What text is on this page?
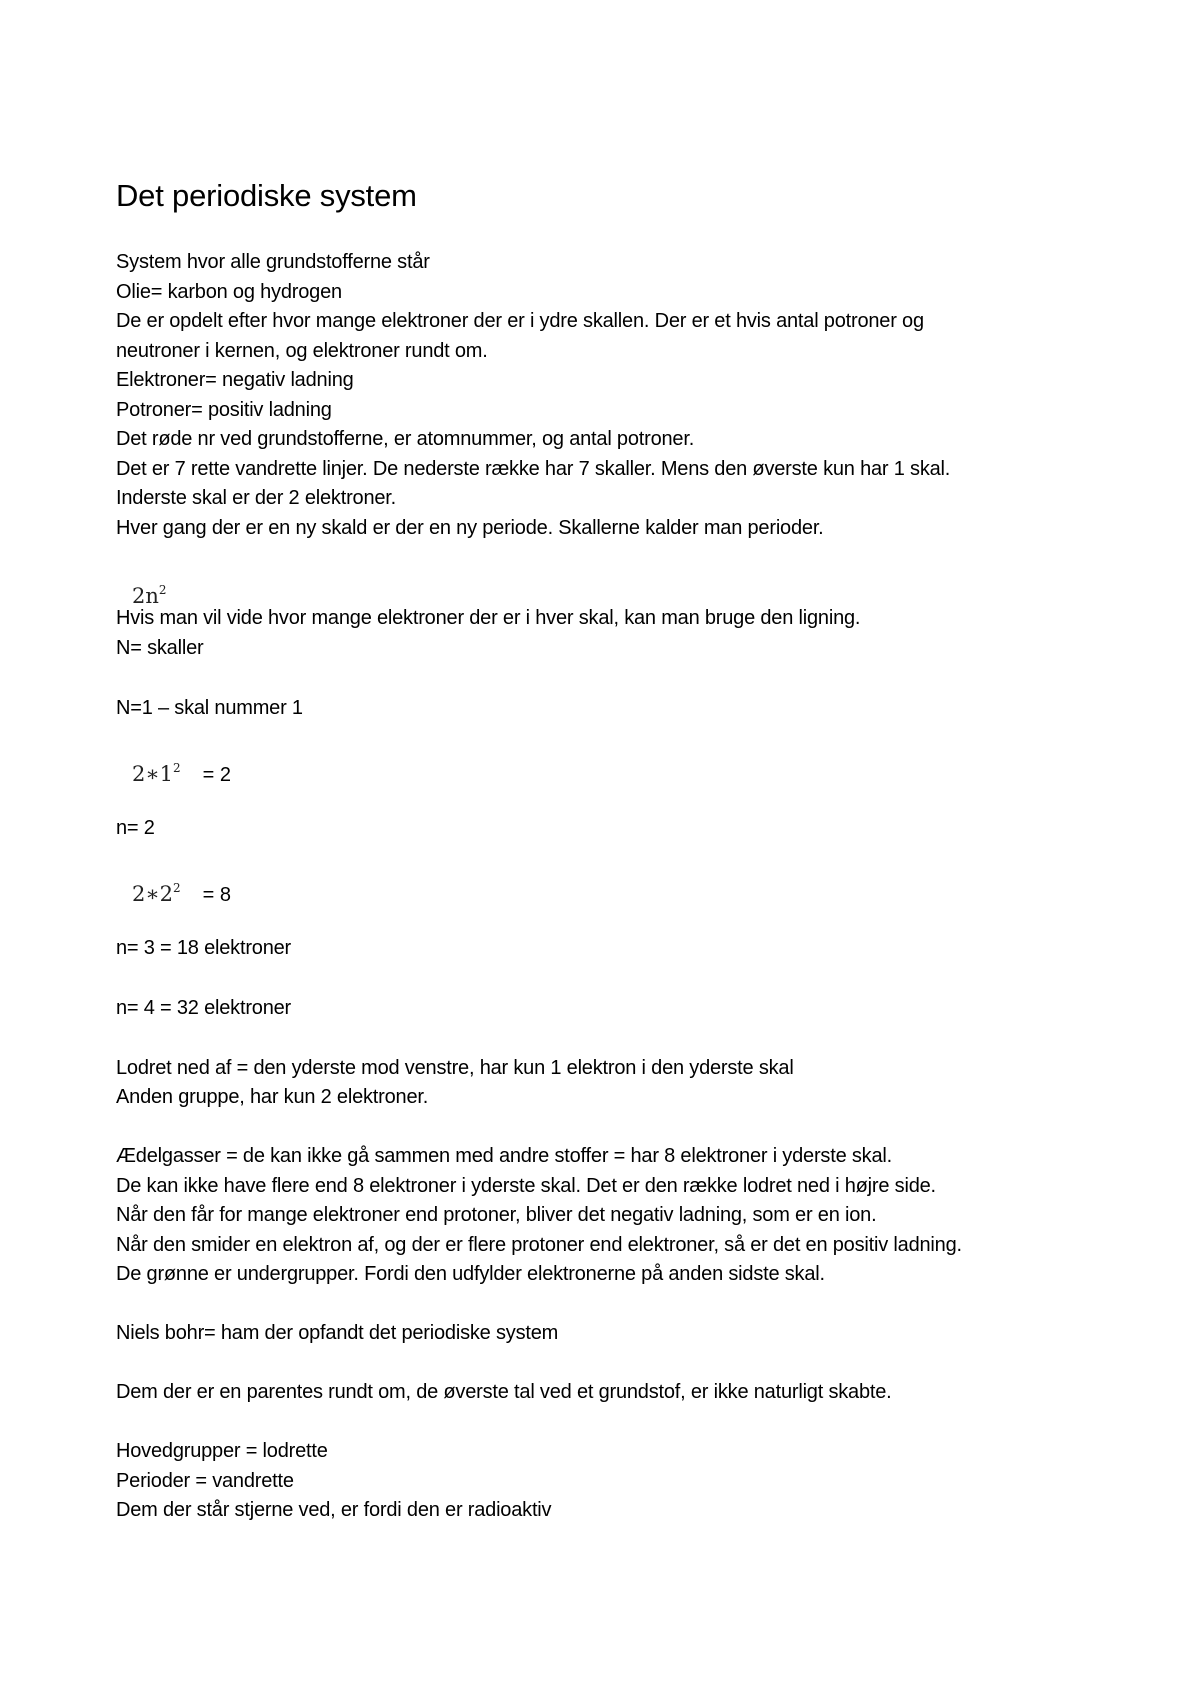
Det periodiske system
System hvor alle grundstofferne står
Olie= karbon og hydrogen
De er opdelt efter hvor mange elektroner der er i ydre skallen. Der er et hvis antal potroner og
neutroner i kernen, og elektroner rundt om.
Elektroner= negativ ladning
Potroner= positiv ladning
Det røde nr ved grundstofferne, er atomnummer, og antal potroner.
Det er 7 rette vandrette linjer. De nederste række har 7 skaller. Mens den øverste kun har 1 skal.
Inderste skal er der 2 elektroner.
Hver gang der er en ny skald er der en ny periode. Skallerne kalder man perioder.
$2n^2$
Hvis man vil vide hvor mange elektroner der er i hver skal, kan man bruge den ligning.
N= skaller
N=1 – skal nummer 1
$2∗1^2 = 2$
n= 2
$2∗2^2 = 8$
n= 3 = 18 elektroner
n= 4 = 32 elektroner
Lodret ned af = den yderste mod venstre, har kun 1 elektron i den yderste skal
Anden gruppe, har kun 2 elektroner.
Ædelgasser = de kan ikke gå sammen med andre stoffer = har 8 elektroner i yderste skal.
De kan ikke have flere end 8 elektroner i yderste skal. Det er den række lodret ned i højre side.
Når den får for mange elektroner end protoner, bliver det negativ ladning, som er en ion.
Når den smider en elektron af, og der er flere protoner end elektroner, så er det en positiv ladning.
De grønne er undergrupper. Fordi den udfylder elektronerne på anden sidste skal.
Niels bohr= ham der opfandt det periodiske system
Dem der er en parentes rundt om, de øverste tal ved et grundstof, er ikke naturligt skabte.
Hovedgrupper = lodrette
Perioder = vandrette
Dem der står stjerne ved, er fordi den er radioaktiv
